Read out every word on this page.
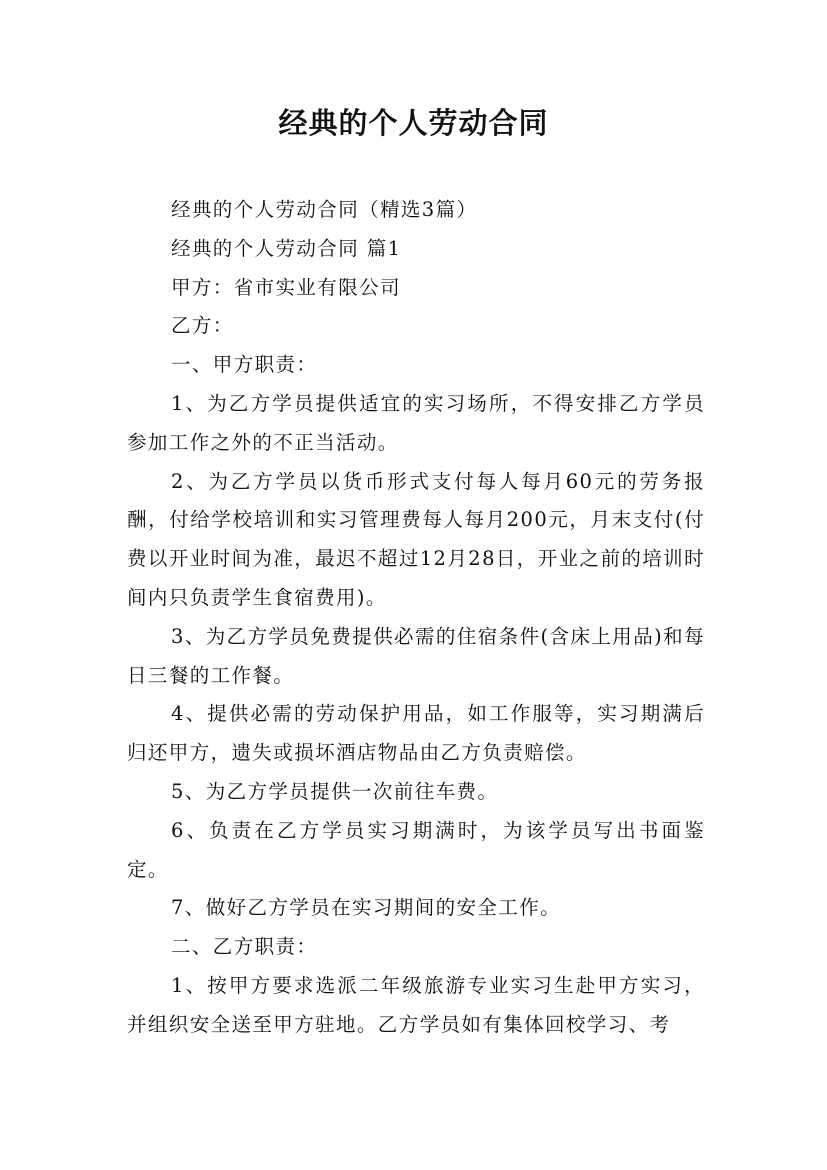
经典的个人劳动合同

经典的个人劳动合同（精选3篇）

经典的个人劳动合同 篇1

甲方：省市实业有限公司

乙方：

一、甲方职责：

1、为乙方学员提供适宜的实习场所，不得安排乙方学员参加工作之外的不正当活动。

2、为乙方学员以货币形式支付每人每月60元的劳务报酬，付给学校培训和实习管理费每人每月200元，月末支付(付费以开业时间为准，最迟不超过12月28日，开业之前的培训时间内只负责学生食宿费用)。

3、为乙方学员免费提供必需的住宿条件(含床上用品)和每日三餐的工作餐。

4、提供必需的劳动保护用品，如工作服等，实习期满后归还甲方，遗失或损坏酒店物品由乙方负责赔偿。

5、为乙方学员提供一次前往车费。

6、负责在乙方学员实习期满时，为该学员写出书面鉴定。

7、做好乙方学员在实习期间的安全工作。

二、乙方职责：

1、按甲方要求选派二年级旅游专业实习生赴甲方实习，并组织安全送至甲方驻地。乙方学员如有集体回校学习、考
